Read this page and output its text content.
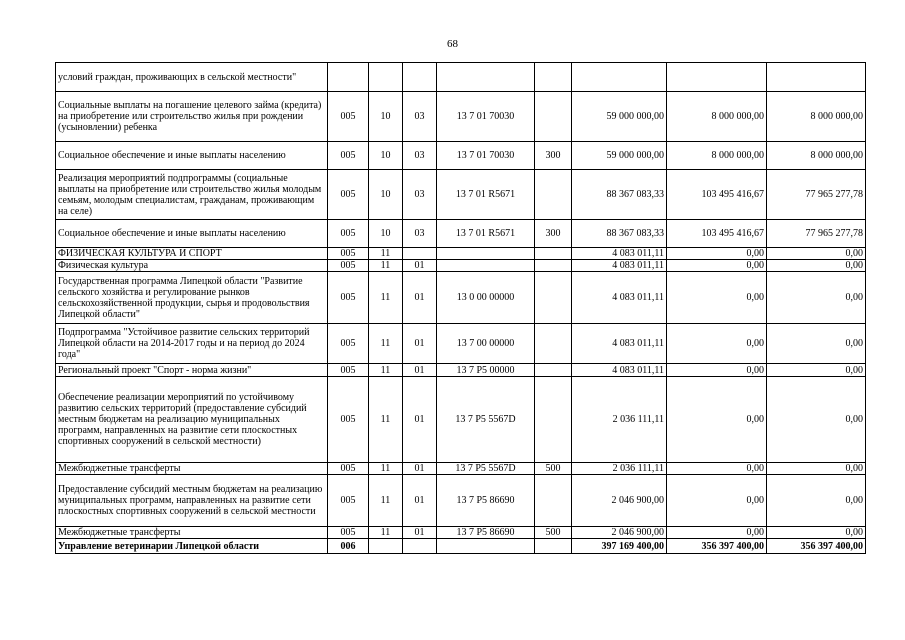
68
условий граждан, проживающих в сельской местности"								
Социальные выплаты на погашение целевого займа (кредита) на приобретение или строительство жилья при рождении (усыновлении) ребенка	005	10	03	13 7 01 70030		59 000 000,00	8 000 000,00	8 000 000,00
Социальное обеспечение и иные выплаты населению	005	10	03	13 7 01 70030	300	59 000 000,00	8 000 000,00	8 000 000,00
Реализация мероприятий подпрограммы (социальные выплаты на приобретение или строительство жилья молодым семьям, молодым специалистам, гражданам, проживающим на селе)	005	10	03	13 7 01 R5671		88 367 083,33	103 495 416,67	77 965 277,78
Социальное обеспечение и иные выплаты населению	005	10	03	13 7 01 R5671	300	88 367 083,33	103 495 416,67	77 965 277,78
ФИЗИЧЕСКАЯ КУЛЬТУРА И СПОРТ	005	11				4 083 011,11	0,00	0,00
Физическая культура	005	11	01			4 083 011,11	0,00	0,00
Государственная программа Липецкой области "Развитие сельского хозяйства и регулирование рынков сельскохозяйственной продукции, сырья и продовольствия Липецкой области"	005	11	01	13 0 00 00000		4 083 011,11	0,00	0,00
Подпрограмма "Устойчивое развитие сельских территорий Липецкой области на 2014-2017 годы и на период до 2024 года"	005	11	01	13 7 00 00000		4 083 011,11	0,00	0,00
Региональный проект "Спорт - норма жизни"	005	11	01	13 7 P5 00000		4 083 011,11	0,00	0,00
Обеспечение реализации мероприятий по устойчивому развитию сельских территорий (предоставление субсидий местным бюджетам на реализацию муниципальных программ, направленных на развитие сети плоскостных спортивных сооружений в сельской местности)	005	11	01	13 7 P5 5567D		2 036 111,11	0,00	0,00
Межбюджетные трансферты	005	11	01	13 7 P5 5567D	500	2 036 111,11	0,00	0,00
Предоставление субсидий местным бюджетам на реализацию муниципальных программ, направленных на развитие сети плоскостных спортивных сооружений в сельской местности	005	11	01	13 7 P5 86690		2 046 900,00	0,00	0,00
Межбюджетные трансферты	005	11	01	13 7 P5 86690	500	2 046 900,00	0,00	0,00
Управление ветеринарии Липецкой области	006					397 169 400,00	356 397 400,00	356 397 400,00
